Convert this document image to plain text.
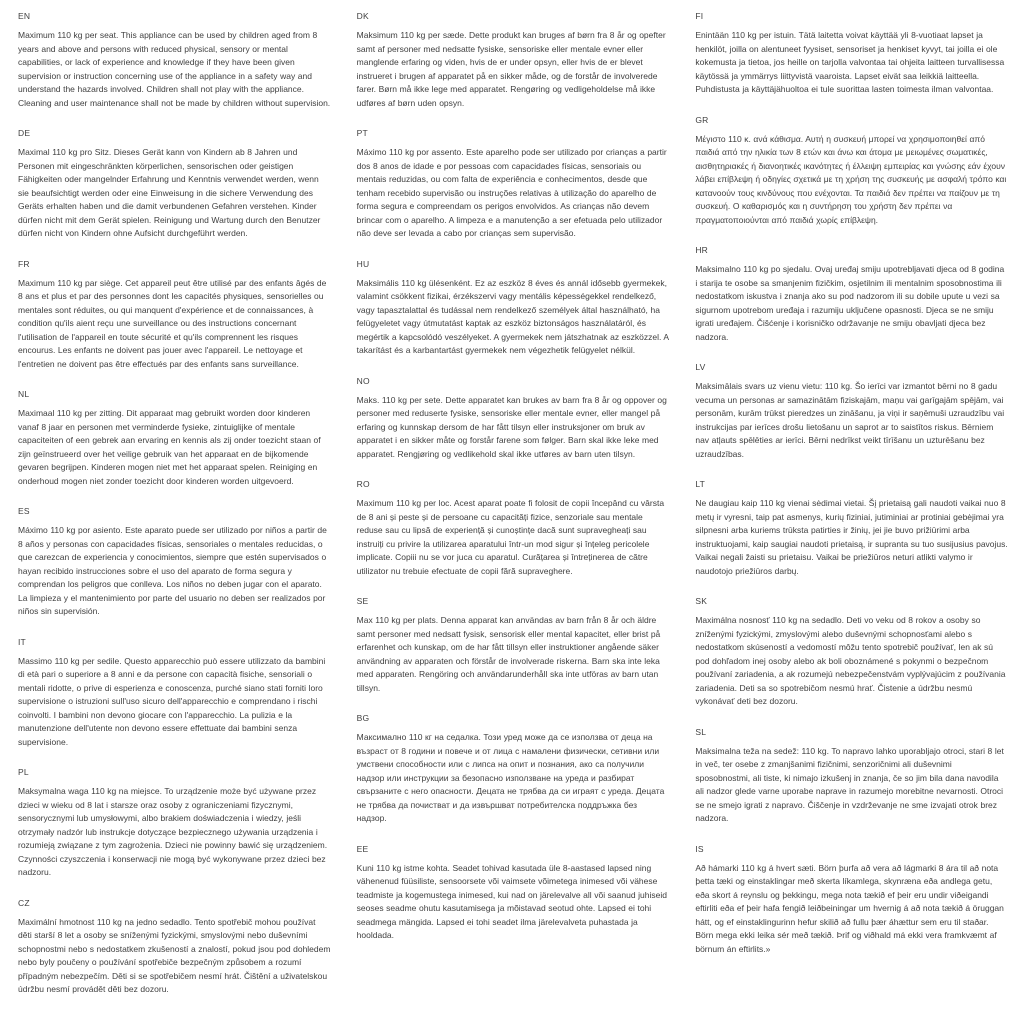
EN

Maximum 110 kg per seat. This appliance can be used by children aged from 8 years and above and persons with reduced physical, sensory or mental capabilities, or lack of experience and knowledge if they have been given supervision or instruction concerning use of the appliance in a safety way and understand the hazards involved. Children shall not play with the appliance. Cleaning and user maintenance shall not be made by children without supervision.

DE

Maximal 110 kg pro Sitz. Dieses Gerät kann von Kindern ab 8 Jahren und Personen mit eingeschränkten körperlichen, sensorischen oder geistigen Fähigkeiten oder mangelnder Erfahrung und Kenntnis verwendet werden, wenn sie beaufsichtigt werden oder eine Einweisung in die sichere Verwendung des Geräts erhalten haben und die damit verbundenen Gefahren verstehen. Kinder dürfen nicht mit dem Gerät spielen. Reinigung und Wartung durch den Benutzer dürfen nicht von Kindern ohne Aufsicht durchgeführt werden.

FR

Maximum 110 kg par siège. Cet appareil peut être utilisé par des enfants âgés de 8 ans et plus et par des personnes dont les capacités physiques, sensorielles ou mentales sont réduites, ou qui manquent d'expérience et de connaissances, à condition qu'ils aient reçu une surveillance ou des instructions concernant l'utilisation de l'appareil en toute sécurité et qu'ils comprennent les risques encourus. Les enfants ne doivent pas jouer avec l'appareil. Le nettoyage et l'entretien ne doivent pas être effectués par des enfants sans surveillance.

NL

Maximaal 110 kg per zitting. Dit apparaat mag gebruikt worden door kinderen vanaf 8 jaar en personen met verminderde fysieke, zintuiglijke of mentale capaciteiten of een gebrek aan ervaring en kennis als zij onder toezicht staan of zijn geïnstrueerd over het veilige gebruik van het apparaat en de bijkomende gevaren begrijpen. Kinderen mogen niet met het apparaat spelen. Reiniging en onderhoud mogen niet zonder toezicht door kinderen worden uitgevoerd.

ES

Máximo 110 kg por asiento. Este aparato puede ser utilizado por niños a partir de 8 años y personas con capacidades físicas, sensoriales o mentales reducidas, o que carezcan de experiencia y conocimientos, siempre que estén supervisados o hayan recibido instrucciones sobre el uso del aparato de forma segura y comprendan los peligros que conlleva. Los niños no deben jugar con el aparato. La limpieza y el mantenimiento por parte del usuario no deben ser realizados por niños sin supervisión.

IT

Massimo 110 kg per sedile. Questo apparecchio può essere utilizzato da bambini di età pari o superiore a 8 anni e da persone con capacità fisiche, sensoriali o mentali ridotte, o prive di esperienza e conoscenza, purché siano stati forniti loro supervisione o istruzioni sull'uso sicuro dell'apparecchio e comprendano i rischi coinvolti. I bambini non devono giocare con l'apparecchio. La pulizia e la manutenzione dell'utente non devono essere effettuate dai bambini senza supervisione.

PL

Maksymalna waga 110 kg na miejsce. To urządzenie może być używane przez dzieci w wieku od 8 lat i starsze oraz osoby z ograniczeniami fizycznymi, sensorycznymi lub umysłowymi, albo brakiem doświadczenia i wiedzy, jeśli otrzymały nadzór lub instrukcje dotyczące bezpiecznego używania urządzenia i rozumieją związane z tym zagrożenia. Dzieci nie powinny bawić się urządzeniem. Czynności czyszczenia i konserwacji nie mogą być wykonywane przez dzieci bez nadzoru.

CZ

Maximální hmotnost 110 kg na jedno sedadlo. Tento spotřebič mohou používat děti starší 8 let a osoby se sníženými fyzickými, smyslovými nebo duševními schopnostmi nebo s nedostatkem zkušeností a znalostí, pokud jsou pod dohledem nebo byly poučeny o používání spotřebiče bezpečným způsobem a rozumí případným nebezpečím. Děti si se spotřebičem nesmí hrát. Čištění a uživatelskou údržbu nesmí provádět děti bez dozoru.

DK

Maksimum 110 kg per sæde. Dette produkt kan bruges af børn fra 8 år og opefter samt af personer med nedsatte fysiske, sensoriske eller mentale evner eller manglende erfaring og viden, hvis de er under opsyn, eller hvis de er blevet instrueret i brugen af apparatet på en sikker måde, og de forstår de involverede farer. Børn må ikke lege med apparatet. Rengøring og vedligeholdelse må ikke udføres af børn uden opsyn.

PT

Máximo 110 kg por assento. Este aparelho pode ser utilizado por crianças a partir dos 8 anos de idade e por pessoas com capacidades físicas, sensoriais ou mentais reduzidas, ou com falta de experiência e conhecimentos, desde que tenham recebido supervisão ou instruções relativas à utilização do aparelho de forma segura e compreendam os perigos envolvidos. As crianças não devem brincar com o aparelho. A limpeza e a manutenção a ser efetuada pelo utilizador não deve ser levada a cabo por crianças sem supervisão.

HU

Maksimális 110 kg ülésenként. Ez az eszköz 8 éves és annál idősebb gyermekek, valamint csökkent fizikai, érzékszervi vagy mentális képességekkel rendelkező, vagy tapasztalattal és tudással nem rendelkező személyek által használható, ha felügyeletet vagy útmutatást kaptak az eszköz biztonságos használatáról, és megértik a kapcsolódó veszélyeket. A gyermekek nem játszhatnak az eszközzel. A takarítást és a karbantartást gyermekek nem végezhetik felügyelet nélkül.

NO

Maks. 110 kg per sete. Dette apparatet kan brukes av barn fra 8 år og oppover og personer med reduserte fysiske, sensoriske eller mentale evner, eller mangel på erfaring og kunnskap dersom de har fått tilsyn eller instruksjoner om bruk av apparatet i en sikker måte og forstår farene som følger. Barn skal ikke leke med apparatet. Rengjøring og vedlikehold skal ikke utføres av barn uten tilsyn.

RO

Maximum 110 kg per loc. Acest aparat poate fi folosit de copii începând cu vârsta de 8 ani și peste și de persoane cu capacități fizice, senzoriale sau mentale reduse sau cu lipsă de experiență și cunoștințe dacă sunt supravegheați sau instruiți cu privire la utilizarea aparatului într-un mod sigur și înțeleg pericolele implicate. Copiii nu se vor juca cu aparatul. Curățarea și întreținerea de către utilizator nu trebuie efectuate de copii fără supraveghere.

SE

Max 110 kg per plats. Denna apparat kan användas av barn från 8 år och äldre samt personer med nedsatt fysisk, sensorisk eller mental kapacitet, eller brist på erfarenhet och kunskap, om de har fått tillsyn eller instruktioner angående säker användning av apparaten och förstår de involverade riskerna. Barn ska inte leka med apparaten. Rengöring och användarunderhåll ska inte utföras av barn utan tillsyn.

BG

Максимално 110 кг на седалка. Този уред може да се използва от деца на възраст от 8 години и повече и от лица с намалени физически, сетивни или умствени способности или с липса на опит и познания, ако са получили надзор или инструкции за безопасно използване на уреда и разбират свързаните с него опасности. Децата не трябва да си играят с уреда. Децата не трябва да почистват и да извършват потребителска поддръжка без надзор.

EE

Kuni 110 kg istme kohta. Seadet tohivad kasutada üle 8-aastased lapsed ning vähenenud füüsiliste, sensoorsete või vaimsete võimetega inimesed või vähese teadmiste ja kogemustega inimesed, kui nad on järelevalve all või saanud juhiseid seoses seadme ohutu kasutamisega ja mõistavad seotud ohte. Lapsed ei tohi seadmega mängida. Lapsed ei tohi seadet ilma järelevalveta puhastada ja hooldada.

FI

Enintään 110 kg per istuin. Tätä laitetta voivat käyttää yli 8-vuotiaat lapset ja henkilöt, joilla on alentuneet fyysiset, sensoriset ja henkiset kyvyt, tai joilla ei ole kokemusta ja tietoa, jos heille on tarjolla valvontaa tai ohjeita laitteen turvallisessa käytössä ja ymmärrys liittyvistä vaaroista. Lapset eivät saa leikkiä laitteella. Puhdistusta ja käyttäjähuoltoa ei tule suorittaa lasten toimesta ilman valvontaa.

GR

Μέγιστο 110 κ. ανά κάθισμα. Αυτή η συσκευή μπορεί να χρησιμοποιηθεί από παιδιά από την ηλικία των 8 ετών και άνω και άτομα με μειωμένες σωματικές, αισθητηριακές ή διανοητικές ικανότητες ή έλλειψη εμπειρίας και γνώσης εάν έχουν λάβει επίβλεψη ή οδηγίες σχετικά με τη χρήση της συσκευής με ασφαλή τρόπο και κατανοούν τους κινδύνους που ενέχονται. Τα παιδιά δεν πρέπει να παίζουν με τη συσκευή. Ο καθαρισμός και η συντήρηση του χρήστη δεν πρέπει να πραγματοποιούνται από παιδιά χωρίς επίβλεψη.

HR

Maksimalno 110 kg po sjedalu. Ovaj uređaj smiju upotrebljavati djeca od 8 godina i starija te osobe sa smanjenim fizičkim, osjetilnim ili mentalnim sposobnostima ili nedostatkom iskustva i znanja ako su pod nadzorom ili su dobile upute u vezi sa sigurnom upotrebom uređaja i razumiju uključene opasnosti. Djeca se ne smiju igrati uređajem. Čišćenje i korisničko održavanje ne smiju obavljati djeca bez nadzora.

LV

Maksimālais svars uz vienu vietu: 110 kg. Šo ierīci var izmantot bērni no 8 gadu vecuma un personas ar samazinātām fiziskajām, maņu vai garīgajām spējām, vai personām, kurām trūkst pieredzes un zināšanu, ja viņi ir saņēmuši uzraudzību vai instrukcijas par ierīces drošu lietošanu un saprot ar to saistītos riskus. Bērniem nav atļauts spēlēties ar ierīci. Bērni nedrīkst veikt tīrīšanu un uzturēšanu bez uzraudzības.

LT

Ne daugiau kaip 110 kg vienai sėdimai vietai. Šį prietaisą gali naudoti vaikai nuo 8 metų ir vyresni, taip pat asmenys, kurių fiziniai, jutiminiai ar protiniai gebėjimai yra silpnesni arba kuriems trūksta patirties ir žinių, jei jie buvo prižiūrimi arba instruktuojami, kaip saugiai naudoti prietaisą, ir supranta su tuo susijusius pavojus. Vaikai negali žaisti su prietaisu. Vaikai be priežiūros neturi atlikti valymo ir naudotojo priežiūros darbų.

SK

Maximálna nosnosť 110 kg na sedadlo. Deti vo veku od 8 rokov a osoby so zníženými fyzickými, zmyslovými alebo duševnými schopnosťami alebo s nedostatkom skúseností a vedomostí môžu tento spotrebič používať, len ak sú pod dohľadom inej osoby alebo ak boli oboznámené s pokynmi o bezpečnom používaní zariadenia, a ak rozumejú nebezpečenstvám vyplývajúcim z používania zariadenia. Deti sa so spotrebičom nesmú hrať. Čistenie a údržbu nesmú vykonávať deti bez dozoru.

SL

Maksimalna teža na sedež: 110 kg. To napravo lahko uporabljajo otroci, stari 8 let in več, ter osebe z zmanjšanimi fizičnimi, senzoričnimi ali duševnimi sposobnostmi, ali tiste, ki nimajo izkušenj in znanja, če so jim bila dana navodila ali nadzor glede varne uporabe naprave in razumejo morebitne nevarnosti. Otroci se ne smejo igrati z napravo. Čiščenje in vzdrževanje ne sme izvajati otrok brez nadzora.

IS

Að hámarki 110 kg á hvert sæti. Börn þurfa að vera að lágmarki 8 ára til að nota þetta tæki og einstaklingar með skerta líkamlega, skynræna eða andlega getu, eða skort á reynslu og þekkingu, mega nota tækið ef þeir eru undir viðeigandi eftirliti eða ef þeir hafa fengið leiðbeiningar um hvernig á að nota tækið á öruggan hátt, og ef einstaklingurinn hefur skilið að fullu þær áhættur sem eru til staðar. Börn mega ekki leika sér með tækið. Þrif og viðhald má ekki vera framkvæmt af börnum án eftirlits.»
